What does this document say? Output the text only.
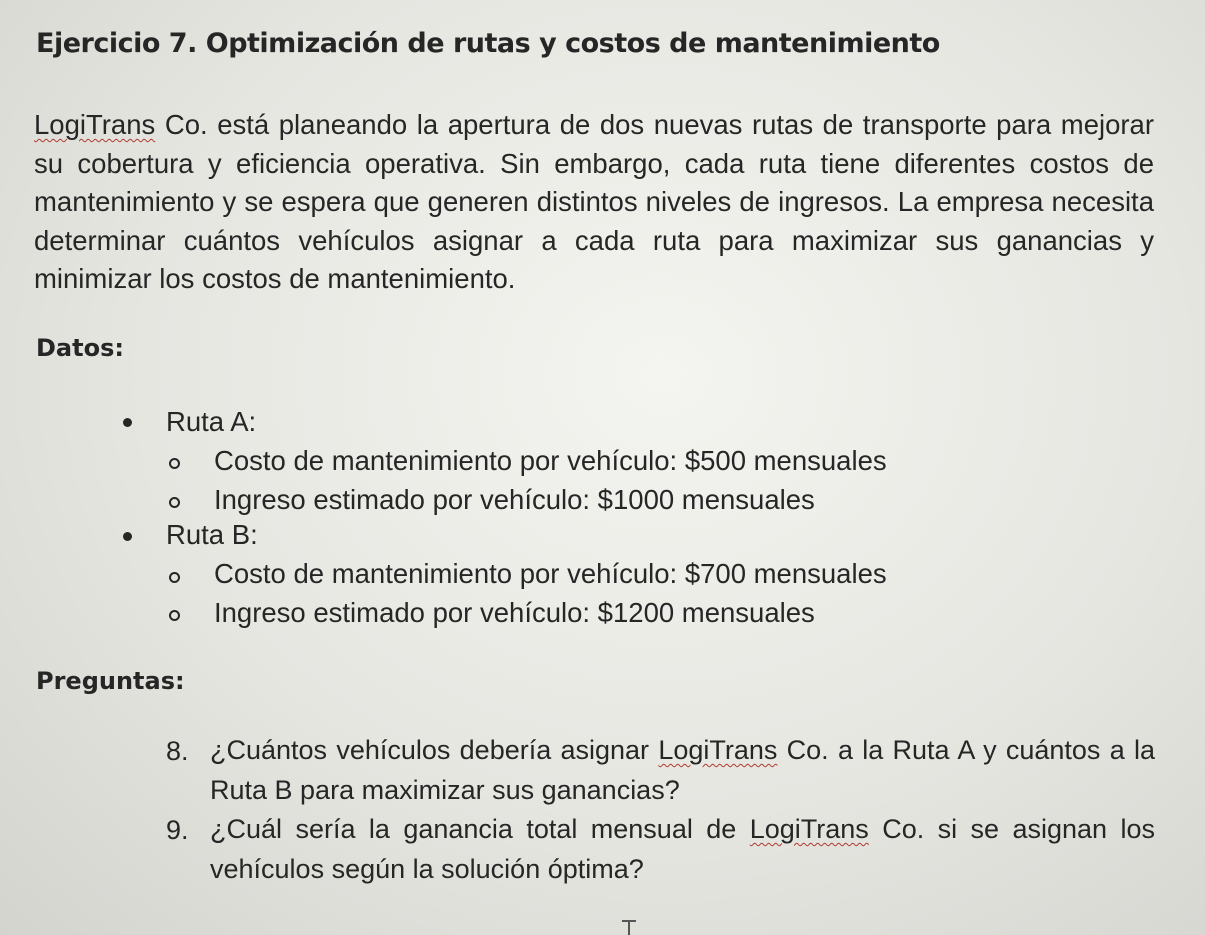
Ejercicio 7. Optimización de rutas y costos de mantenimiento

LogiTrans Co. está planeando la apertura de dos nuevas rutas de transporte para mejorar su cobertura y eficiencia operativa. Sin embargo, cada ruta tiene diferentes costos de mantenimiento y se espera que generen distintos niveles de ingresos. La empresa necesita determinar cuántos vehículos asignar a cada ruta para maximizar sus ganancias y minimizar los costos de mantenimiento.

Datos:
Ruta A:
Costo de mantenimiento por vehículo: $500 mensuales
Ingreso estimado por vehículo: $1000 mensuales
Ruta B:
Costo de mantenimiento por vehículo: $700 mensuales
Ingreso estimado por vehículo: $1200 mensuales
Preguntas:
8. ¿Cuántos vehículos debería asignar LogiTrans Co. a la Ruta A y cuántos a la Ruta B para maximizar sus ganancias?

9. ¿Cuál sería la ganancia total mensual de LogiTrans Co. si se asignan los vehículos según la solución óptima?
